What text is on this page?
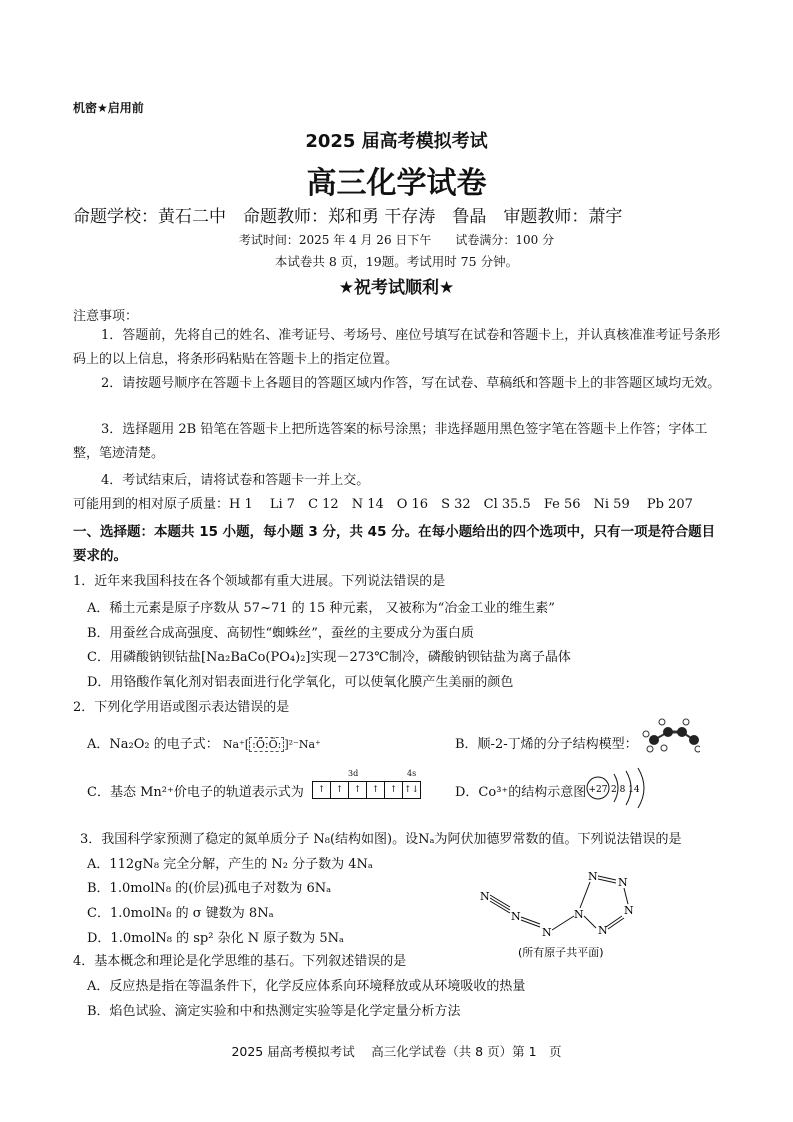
机密★启用前
2025 届高考模拟考试
高三化学试卷
命题学校：黄石二中　命题教师：郑和勇 干存涛　鲁晶　审题教师：萧宇
考试时间：2025 年 4 月 26 日下午　　试卷满分：100 分
本试卷共 8 页，19题。考试用时 75 分钟。
★祝考试顺利★
注意事项：
1．答题前，先将自己的姓名、准考证号、考场号、座位号填写在试卷和答题卡上，并认真核准准考证号条形码上的以上信息，将条形码粘贴在答题卡上的指定位置。
2．请按题号顺序在答题卡上各题目的答题区域内作答，写在试卷、草稿纸和答题卡上的非答题区域均无效。
3．选择题用 2B 铅笔在答题卡上把所选答案的标号涂黑；非选择题用黑色签字笔在答题卡上作答；字体工整，笔迹清楚。
4．考试结束后，请将试卷和答题卡一并上交。
可能用到的相对原子质量：H 1　 Li 7　C 12　N 14　O 16　S 32　Cl 35.5　Fe 56　Ni 59　 Pb 207
一、选择题：本题共 15 小题，每小题 3 分，共 45 分。在每小题给出的四个选项中，只有一项是符合题目要求的。
1．近年来我国科技在各个领域都有重大进展。下列说法错误的是
A．稀土元素是原子序数从 57~71 的 15 种元素， 又被称为“冶金工业的维生素”
B．用蚕丝合成高强度、高韧性“蜘蛛丝”，蚕丝的主要成分为蛋白质
C．用磷酸钠钡钴盐[Na₂BaCo(PO₄)₂]实现－273℃制冷，磷酸钠钡钴盐为离子晶体
D．用铬酸作氧化剂对铝表面进行化学氧化，可以使氧化膜产生美丽的颜色
2．下列化学用语或图示表达错误的是
A．Na₂O₂ 的电子式： Na⁺[ :Ö:Ö: ]²⁻Na⁺	B．顺-2-丁烯的分子结构模型：
C．基态 Mn²⁺价电子的轨道表示式为
3d	4s
↑	↑	↑	↑	↑ ↑↓	D．Co³⁺的结构示意图 +27 2 8 14
3．我国科学家预测了稳定的氮单质分子 N₈(结构如图)。设Nₐ为阿伏加德罗常数的值。下列说法错误的是
A．112gN₈ 完全分解，产生的 N₂ 分子数为 4Nₐ
B．1.0molN₈ 的(价层)孤电子对数为 6Nₐ
C．1.0molN₈ 的 σ 键数为 8Nₐ
D．1.0molN₈ 的 sp² 杂化 N 原子数为 5Nₐ
N
N
N
N
N N
N
N
(所有原子共平面)
4．基本概念和理论是化学思维的基石。下列叙述错误的是
A．反应热是指在等温条件下，化学反应体系向环境释放或从环境吸收的热量
B．焰色试验、滴定实验和中和热测定实验等是化学定量分析方法
2025 届高考模拟考试　 高三化学试卷（共 8 页）第 1　页
